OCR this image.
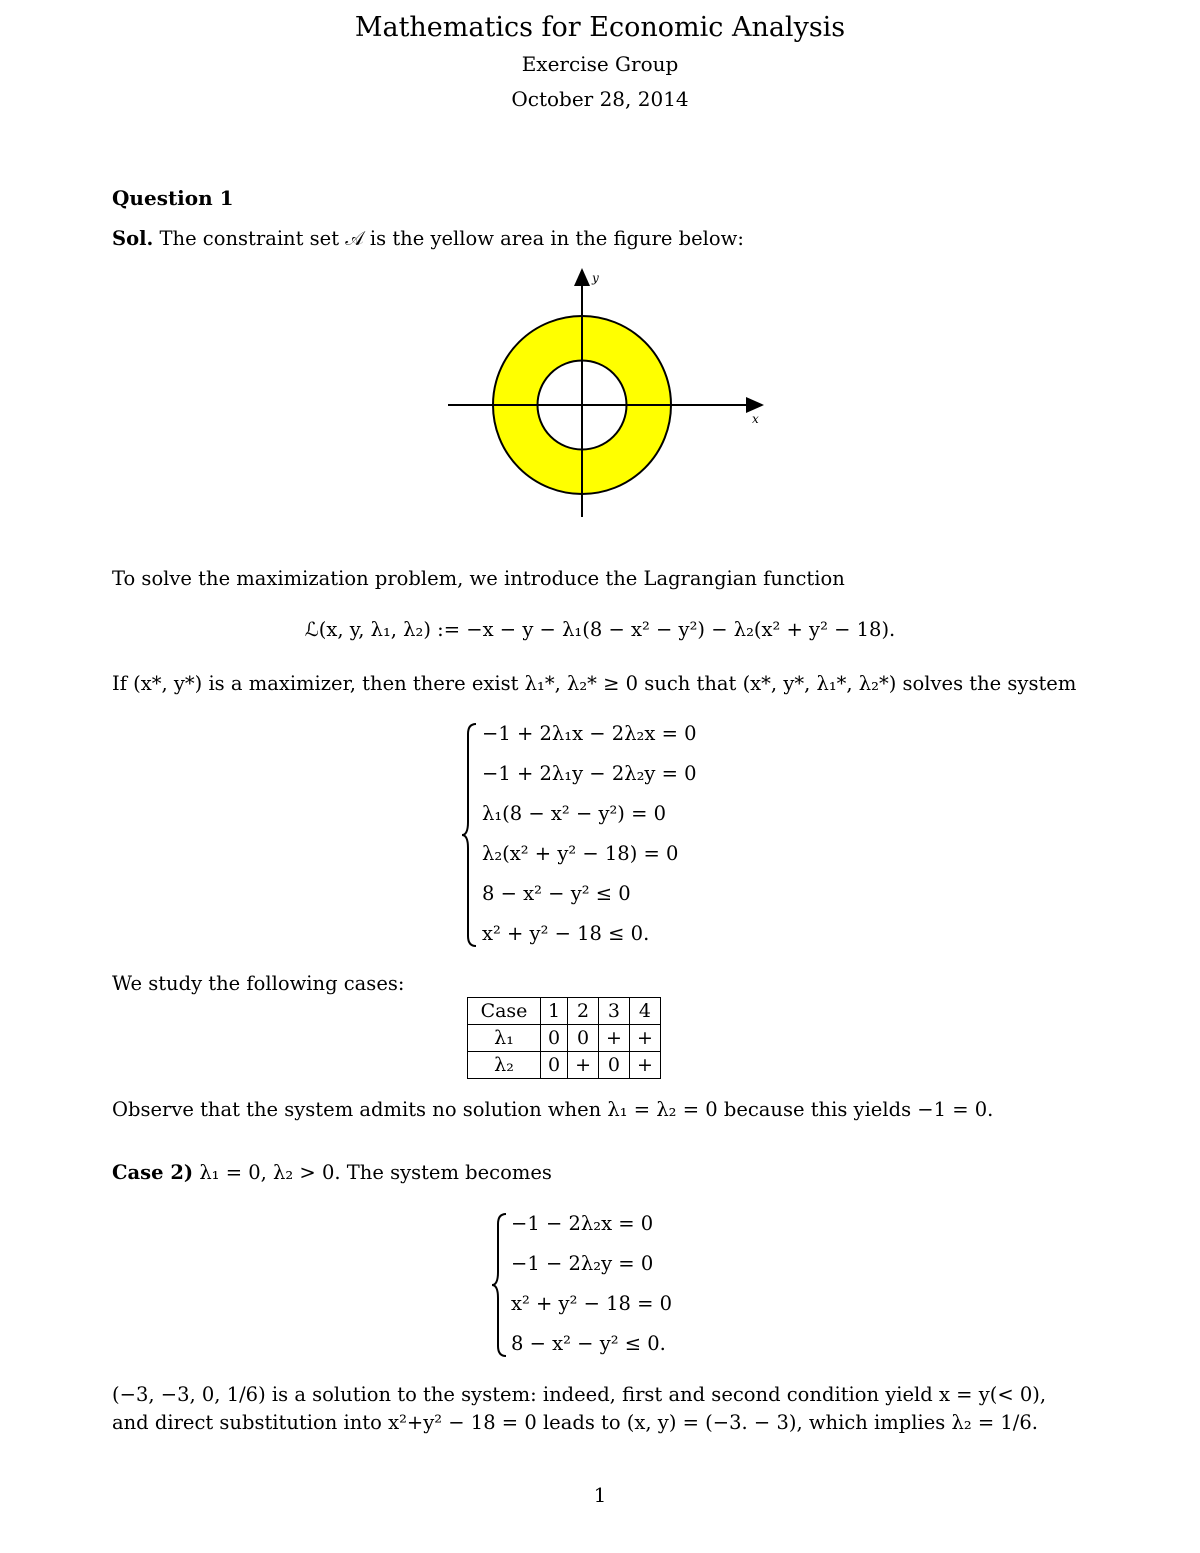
Mathematics for Economic Analysis
Exercise Group
October 28, 2014
Question 1
Sol. The constraint set 𝒜 is the yellow area in the figure below:
x
y
To solve the maximization problem, we introduce the Lagrangian function
ℒ(x, y, λ₁, λ₂) := −x − y − λ₁(8 − x² − y²) − λ₂(x² + y² − 18).
If (x*, y*) is a maximizer, then there exist λ₁*, λ₂* ≥ 0 such that (x*, y*, λ₁*, λ₂*) solves the system
−1 + 2λ₁x − 2λ₂x = 0
−1 + 2λ₁y − 2λ₂y = 0
λ₁(8 − x² − y²) = 0
λ₂(x² + y² − 18) = 0
8 − x² − y² ≤ 0
x² + y² − 18 ≤ 0.
We study the following cases:
Case	1	2	3	4
λ₁	0	0	+	+
λ₂	0	+	0	+
Observe that the system admits no solution when λ₁ = λ₂ = 0 because this yields −1 = 0.
Case 2) λ₁ = 0, λ₂ > 0. The system becomes
−1 − 2λ₂x = 0
−1 − 2λ₂y = 0
x² + y² − 18 = 0
8 − x² − y² ≤ 0.
(−3, −3, 0, 1/6) is a solution to the system: indeed, first and second condition yield x = y(< 0),
and direct substitution into x²+y² − 18 = 0 leads to (x, y) = (−3. − 3), which implies λ₂ = 1/6.
1
